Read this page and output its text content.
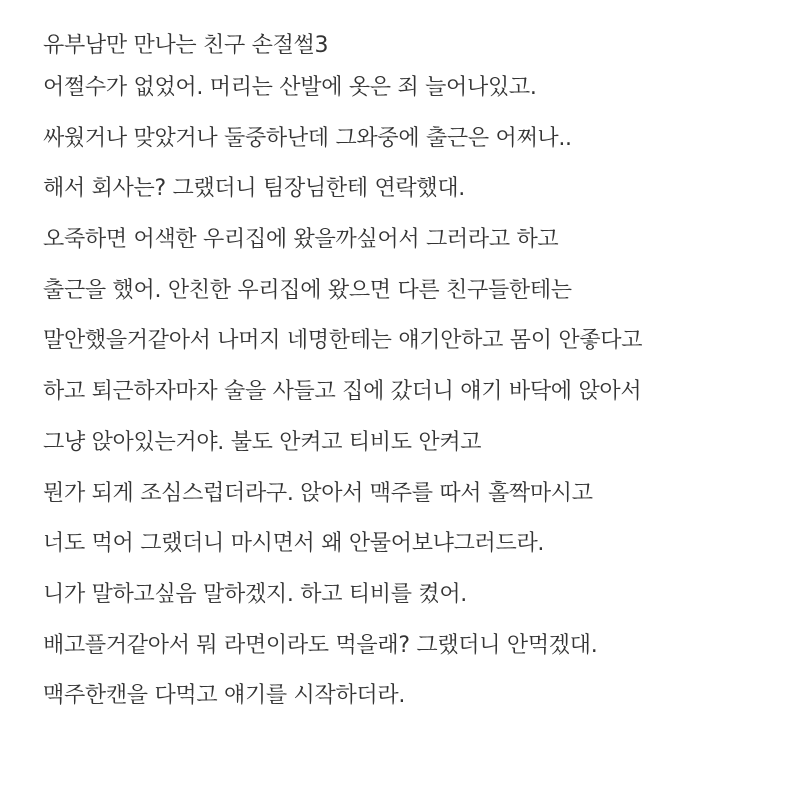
유부남만 만나는 친구 손절썰3
어쩔수가 없었어. 머리는 산발에 옷은 죄 늘어나있고.
싸웠거나 맞았거나 둘중하난데 그와중에 출근은 어쩌나..
해서 회사는? 그랬더니 팀장님한테 연락했대.
오죽하면 어색한 우리집에 왔을까싶어서 그러라고 하고
출근을 했어. 안친한 우리집에 왔으면 다른 친구들한테는
말안했을거같아서 나머지 네명한테는 얘기안하고 몸이 안좋다고
하고 퇴근하자마자 술을 사들고 집에 갔더니 얘기 바닥에 앉아서
그냥 앉아있는거야. 불도 안켜고 티비도 안켜고
뭔가 되게 조심스럽더라구. 앉아서 맥주를 따서 홀짝마시고
너도 먹어 그랬더니 마시면서 왜 안물어보냐그러드라.
니가 말하고싶음 말하겠지. 하고 티비를 켰어.
배고플거같아서 뭐 라면이라도 먹을래? 그랬더니 안먹겠대.
맥주한캔을 다먹고 얘기를 시작하더라.
